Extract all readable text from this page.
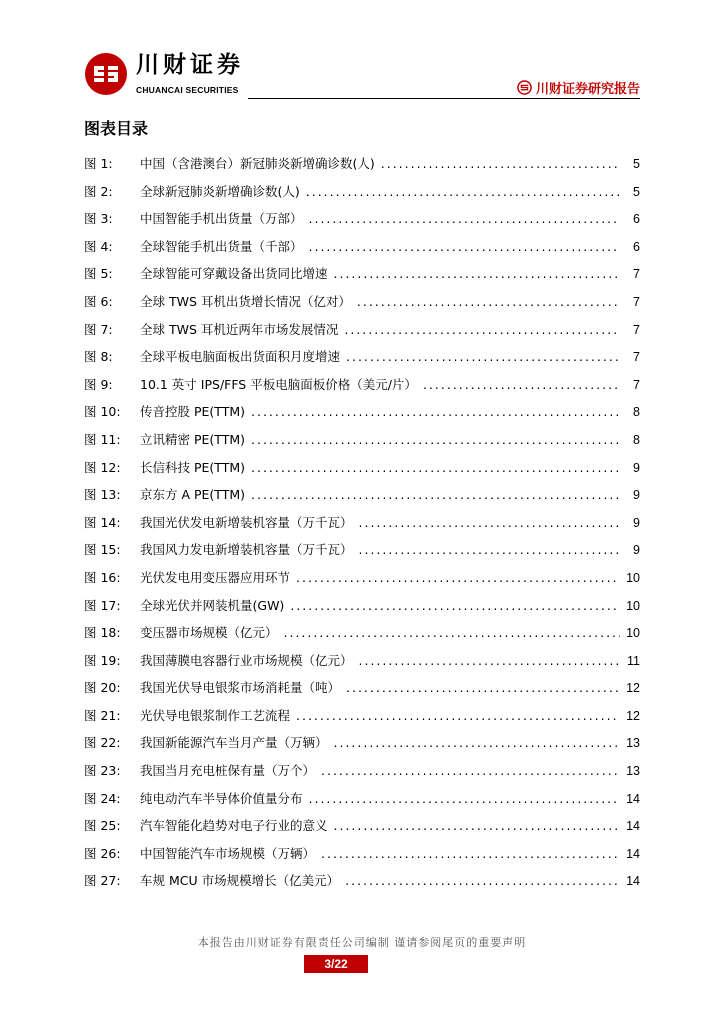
川财证券
CHUANCAI SECURITIES	川财证券研究报告
图表目录
图 1:	中国（含港澳台）新冠肺炎新增确诊数(人) .....	5
图 2:	全球新冠肺炎新增确诊数(人) .....	5
图 3:	中国智能手机出货量（万部） .....	6
图 4:	全球智能手机出货量（千部） .....	6
图 5:	全球智能可穿戴设备出货同比增速 .....	7
图 6:	全球 TWS 耳机出货增长情况（亿对） .....	7
图 7:	全球 TWS 耳机近两年市场发展情况 .....	7
图 8:	全球平板电脑面板出货面积月度增速 .....	7
图 9:	10.1 英寸 IPS/FFS 平板电脑面板价格（美元/片） .....	7
图 10:	传音控股 PE(TTM) .....	8
图 11:	立讯精密 PE(TTM) .....	8
图 12:	长信科技 PE(TTM) .....	9
图 13:	京东方 A PE(TTM) .....	9
图 14:	我国光伏发电新增装机容量（万千瓦） .....	9
图 15:	我国风力发电新增装机容量（万千瓦） .....	9
图 16:	光伏发电用变压器应用环节 .....	10
图 17:	全球光伏并网装机量(GW) .....	10
图 18:	变压器市场规模（亿元） .....	10
图 19:	我国薄膜电容器行业市场规模（亿元） .....	11
图 20:	我国光伏导电银浆市场消耗量（吨） .....	12
图 21:	光伏导电银浆制作工艺流程 .....	12
图 22:	我国新能源汽车当月产量（万辆） .....	13
图 23:	我国当月充电桩保有量（万个） .....	13
图 24:	纯电动汽车半导体价值量分布 .....	14
图 25:	汽车智能化趋势对电子行业的意义 .....	14
图 26:	中国智能汽车市场规模（万辆） .....	14
图 27:	车规 MCU 市场规模增长（亿美元） .....	14
本报告由川财证券有限责任公司编制 谨请参阅尾页的重要声明
3/22
